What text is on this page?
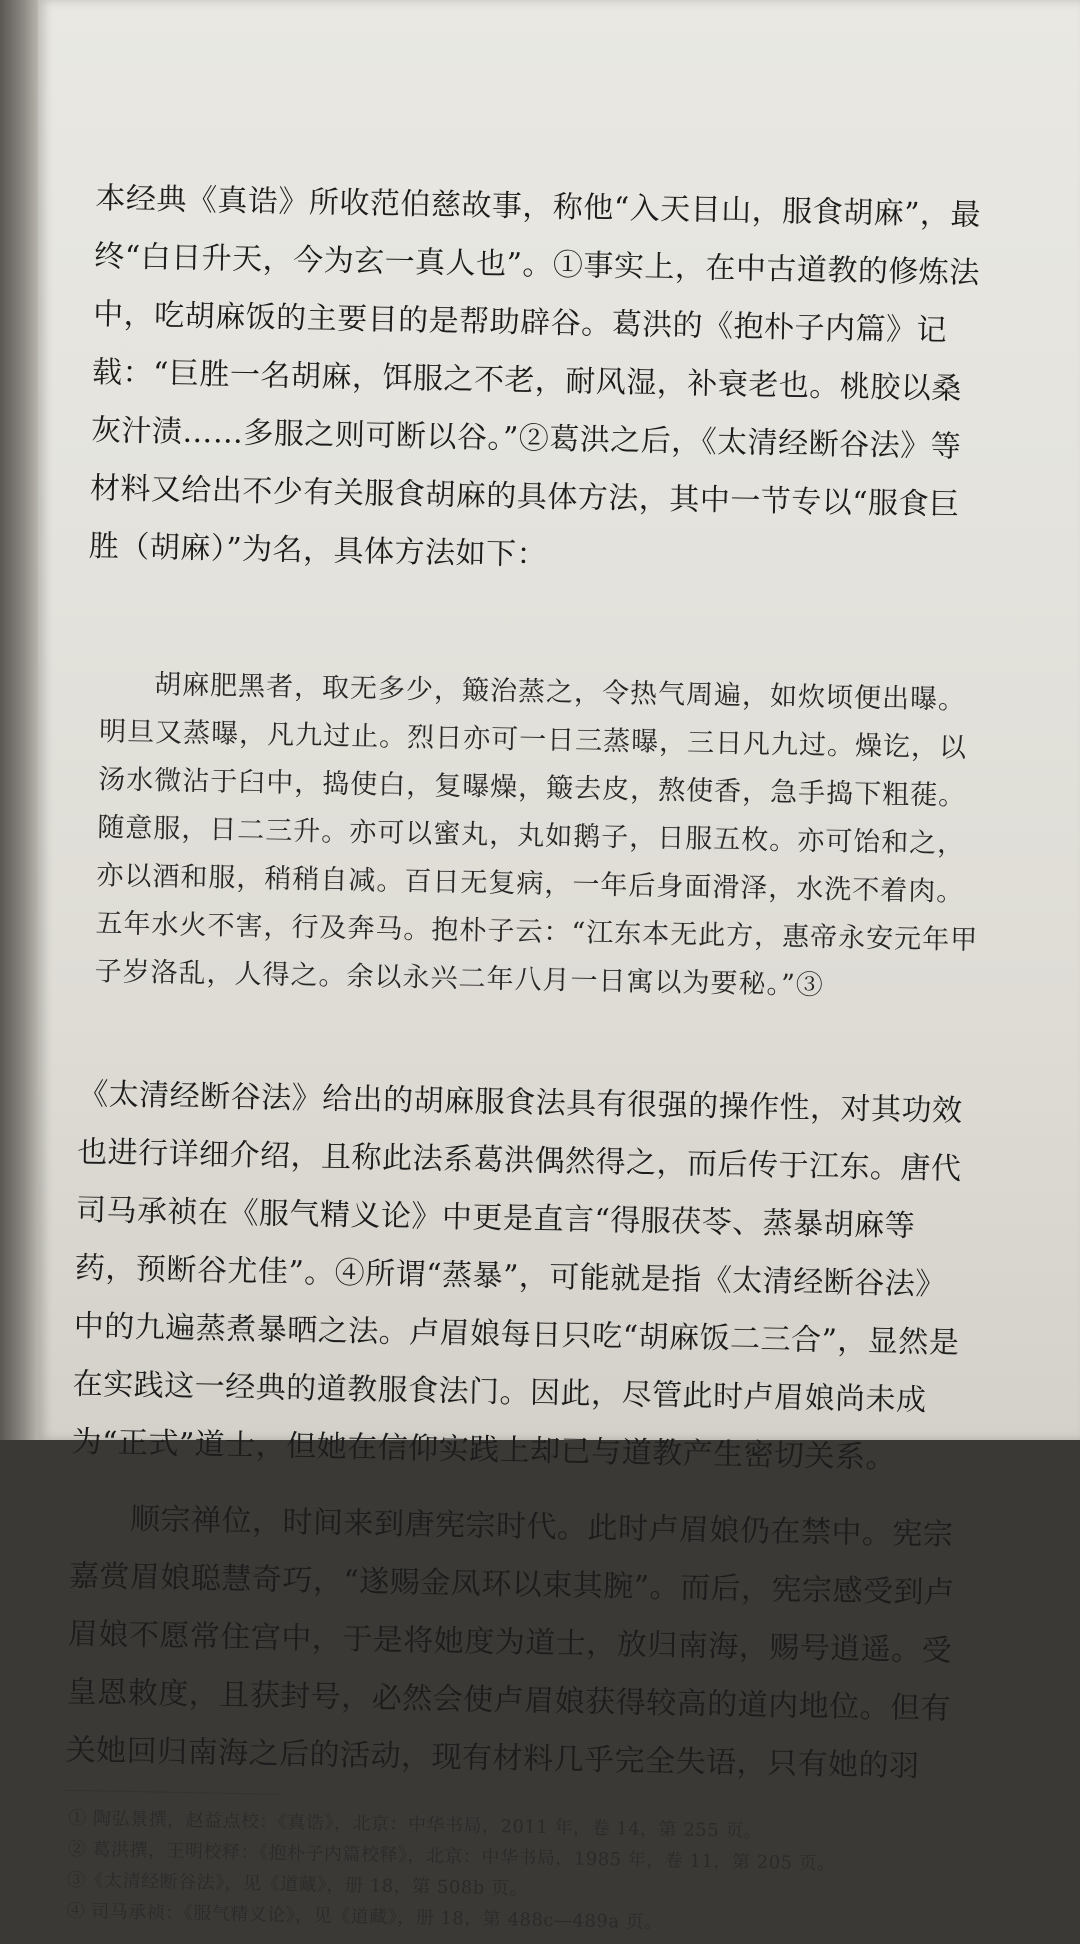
本经典《真诰》所收范伯慈故事，称他“入天目山，服食胡麻”，最终“白日升天，今为玄一真人也”。①事实上，在中古道教的修炼法中，吃胡麻饭的主要目的是帮助辟谷。葛洪的《抱朴子内篇》记载：“巨胜一名胡麻，饵服之不老，耐风湿，补衰老也。桃胶以桑灰汁渍……多服之则可断以谷。”②葛洪之后，《太清经断谷法》等材料又给出不少有关服食胡麻的具体方法，其中一节专以“服食巨胜（胡麻）”为名，具体方法如下：

胡麻肥黑者，取无多少，簸治蒸之，令热气周遍，如炊顷便出曝。明旦又蒸曝，凡九过止。烈日亦可一日三蒸曝，三日凡九过。燥讫，以汤水微沾于臼中，捣使白，复曝燥，簸去皮，熬使香，急手捣下粗蓰。随意服，日二三升。亦可以蜜丸，丸如鹅子，日服五枚。亦可饴和之，亦以酒和服，稍稍自减。百日无复病，一年后身面滑泽，水洗不着肉。五年水火不害，行及奔马。抱朴子云：“江东本无此方，惠帝永安元年甲子岁洛乱，人得之。余以永兴二年八月一日寓以为要秘。”③

《太清经断谷法》给出的胡麻服食法具有很强的操作性，对其功效也进行详细介绍，且称此法系葛洪偶然得之，而后传于江东。唐代司马承祯在《服气精义论》中更是直言“得服茯苓、蒸暴胡麻等药，预断谷尤佳”。④所谓“蒸暴”，可能就是指《太清经断谷法》中的九遍蒸煮暴晒之法。卢眉娘每日只吃“胡麻饭二三合”，显然是在实践这一经典的道教服食法门。因此，尽管此时卢眉娘尚未成为“正式”道士，但她在信仰实践上却已与道教产生密切关系。

顺宗禅位，时间来到唐宪宗时代。此时卢眉娘仍在禁中。宪宗嘉赏眉娘聪慧奇巧，“遂赐金凤环以束其腕”。而后，宪宗感受到卢眉娘不愿常住宫中，于是将她度为道士，放归南海，赐号逍遥。受皇恩敕度，且获封号，必然会使卢眉娘获得较高的道内地位。但有关她回归南海之后的活动，现有材料几乎完全失语，只有她的羽

① 陶弘景撰，赵益点校：《真诰》，北京：中华书局，2011 年，卷 14，第 255 页。

② 葛洪撰，王明校释：《抱朴子内篇校释》，北京：中华书局，1985 年，卷 11，第 205 页。

③《太清经断谷法》，见《道藏》，册 18，第 508b 页。

④ 司马承祯：《服气精义论》，见《道藏》，册 18，第 488c—489a 页。
